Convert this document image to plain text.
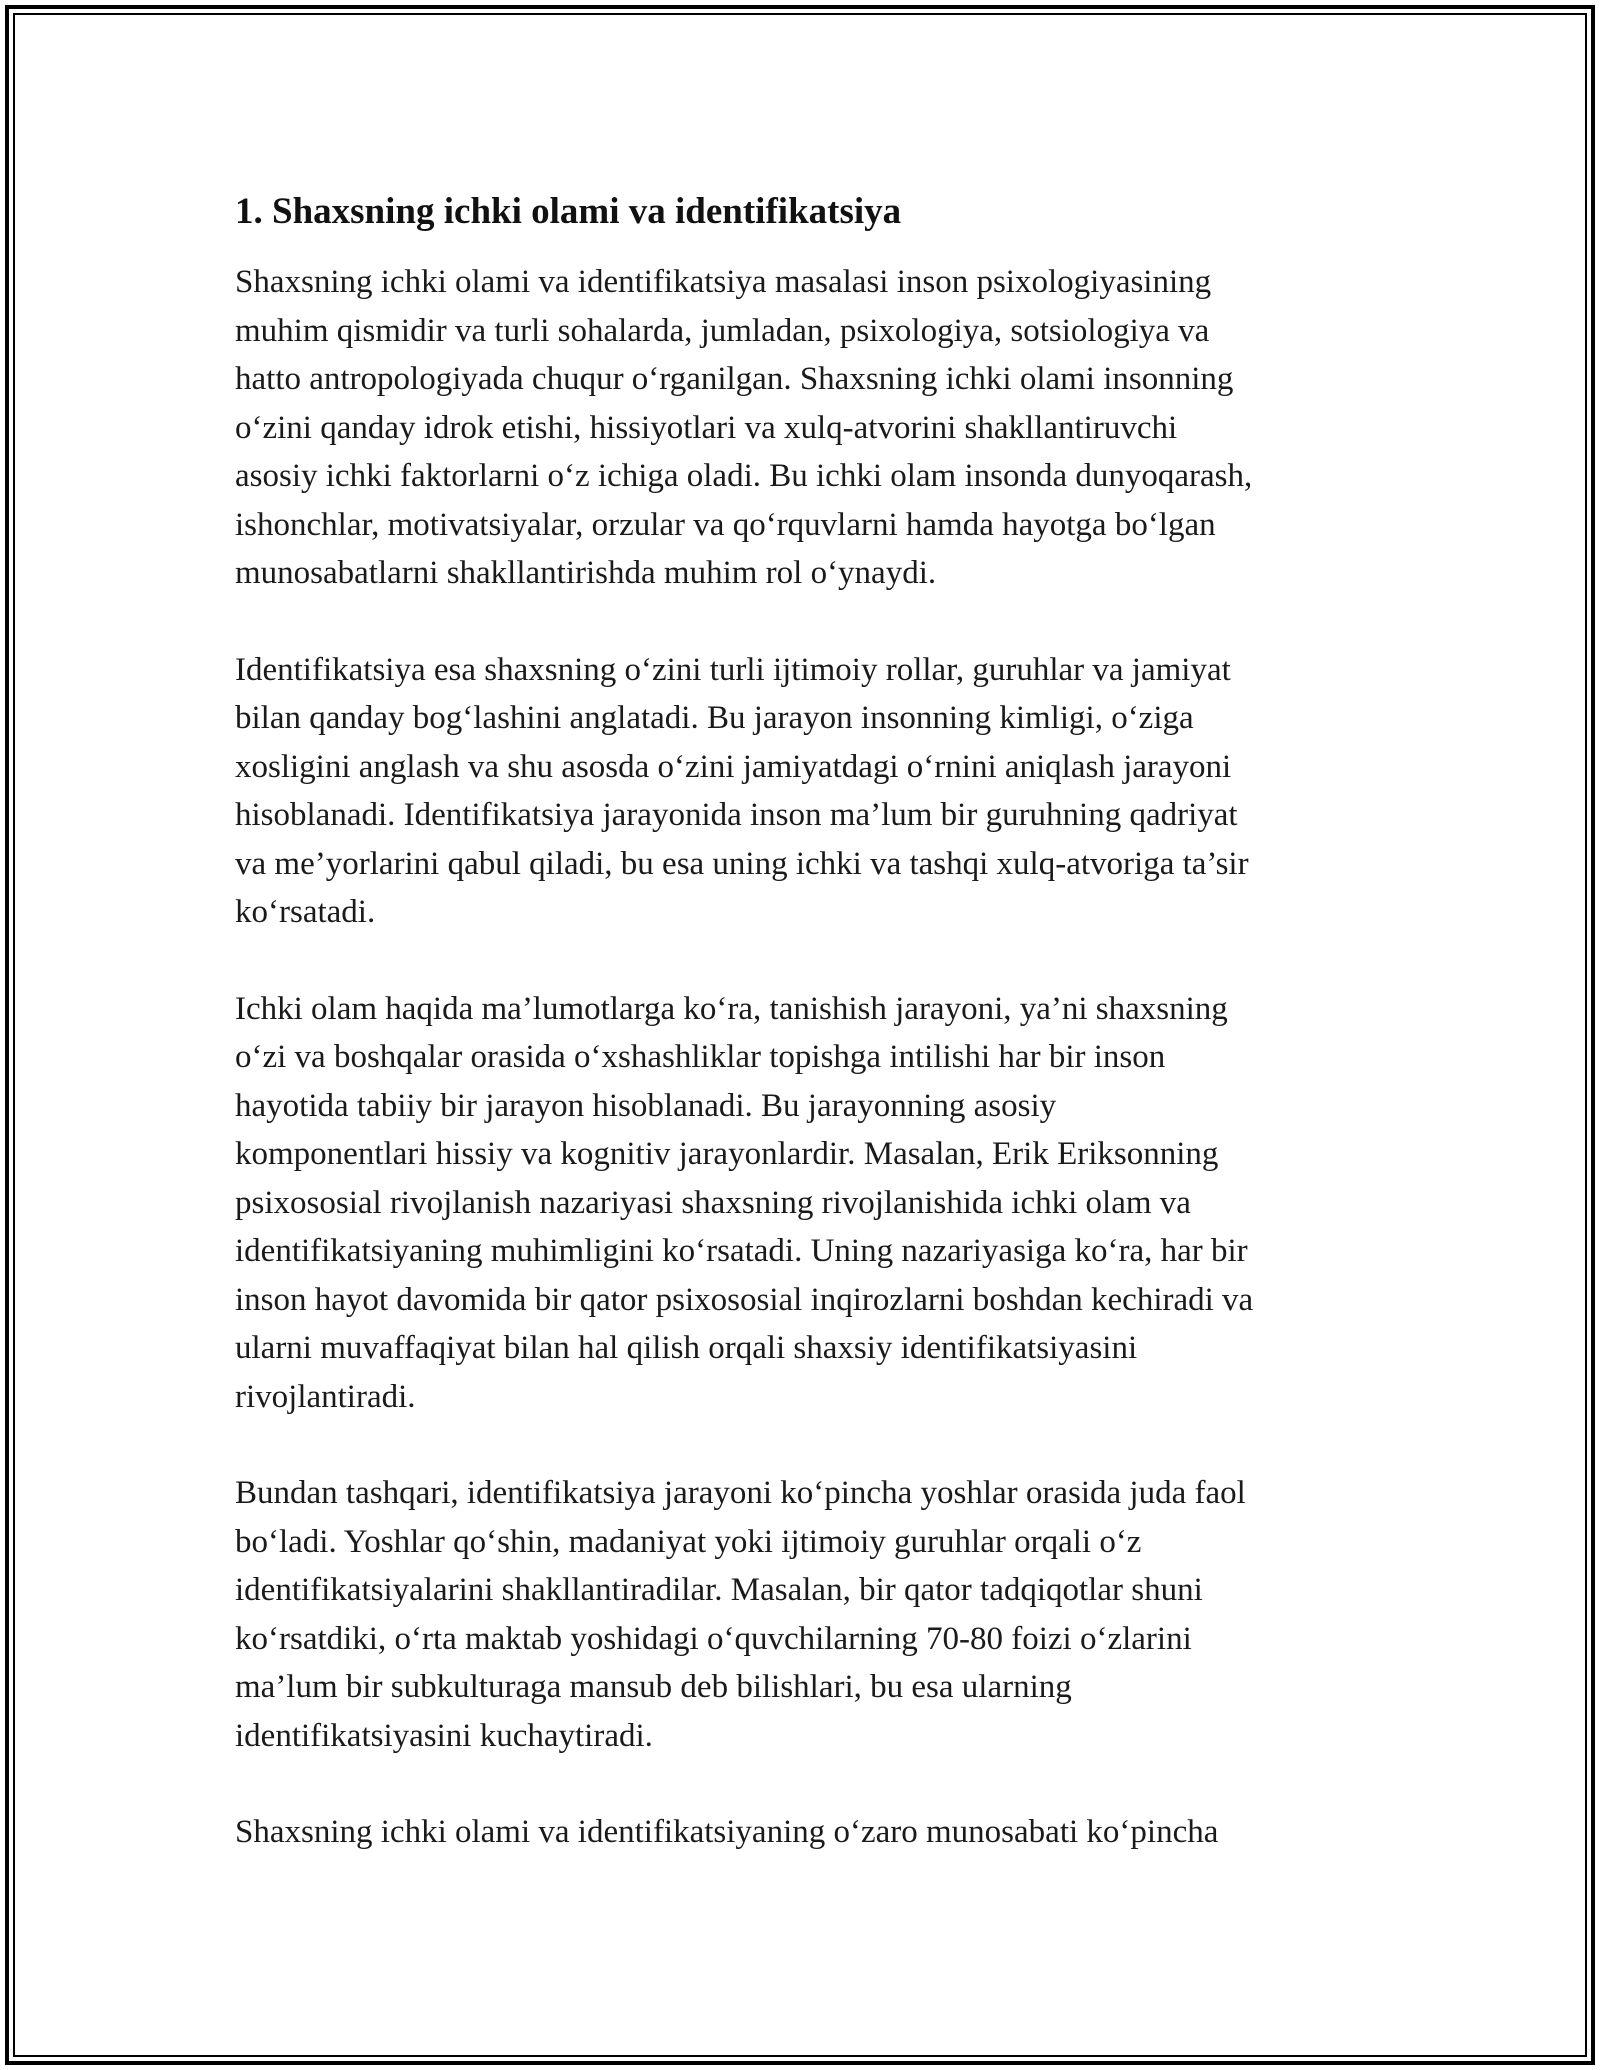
1. Shaxsning ichki olami va identifikatsiya
Shaxsning ichki olami va identifikatsiya masalasi inson psixologiyasining
muhim qismidir va turli sohalarda, jumladan, psixologiya, sotsiologiya va
hatto antropologiyada chuqur o‘rganilgan. Shaxsning ichki olami insonning
o‘zini qanday idrok etishi, hissiyotlari va xulq-atvorini shakllantiruvchi
asosiy ichki faktorlarni o‘z ichiga oladi. Bu ichki olam insonda dunyoqarash,
ishonchlar, motivatsiyalar, orzular va qo‘rquvlarni hamda hayotga bo‘lgan
munosabatlarni shakllantirishda muhim rol o‘ynaydi.
Identifikatsiya esa shaxsning o‘zini turli ijtimoiy rollar, guruhlar va jamiyat
bilan qanday bog‘lashini anglatadi. Bu jarayon insonning kimligi, o‘ziga
xosligini anglash va shu asosda o‘zini jamiyatdagi o‘rnini aniqlash jarayoni
hisoblanadi. Identifikatsiya jarayonida inson ma’lum bir guruhning qadriyat
va me’yorlarini qabul qiladi, bu esa uning ichki va tashqi xulq-atvoriga ta’sir
ko‘rsatadi.
Ichki olam haqida ma’lumotlarga ko‘ra, tanishish jarayoni, ya’ni shaxsning
o‘zi va boshqalar orasida o‘xshashliklar topishga intilishi har bir inson
hayotida tabiiy bir jarayon hisoblanadi. Bu jarayonning asosiy
komponentlari hissiy va kognitiv jarayonlardir. Masalan, Erik Eriksonning
psixososial rivojlanish nazariyasi shaxsning rivojlanishida ichki olam va
identifikatsiyaning muhimligini ko‘rsatadi. Uning nazariyasiga ko‘ra, har bir
inson hayot davomida bir qator psixososial inqirozlarni boshdan kechiradi va
ularni muvaffaqiyat bilan hal qilish orqali shaxsiy identifikatsiyasini
rivojlantiradi.
Bundan tashqari, identifikatsiya jarayoni ko‘pincha yoshlar orasida juda faol
bo‘ladi. Yoshlar qo‘shin, madaniyat yoki ijtimoiy guruhlar orqali o‘z
identifikatsiyalarini shakllantiradilar. Masalan, bir qator tadqiqotlar shuni
ko‘rsatdiki, o‘rta maktab yoshidagi o‘quvchilarning 70-80 foizi o‘zlarini
ma’lum bir subkulturaga mansub deb bilishlari, bu esa ularning
identifikatsiyasini kuchaytiradi.
Shaxsning ichki olami va identifikatsiyaning o‘zaro munosabati ko‘pincha
